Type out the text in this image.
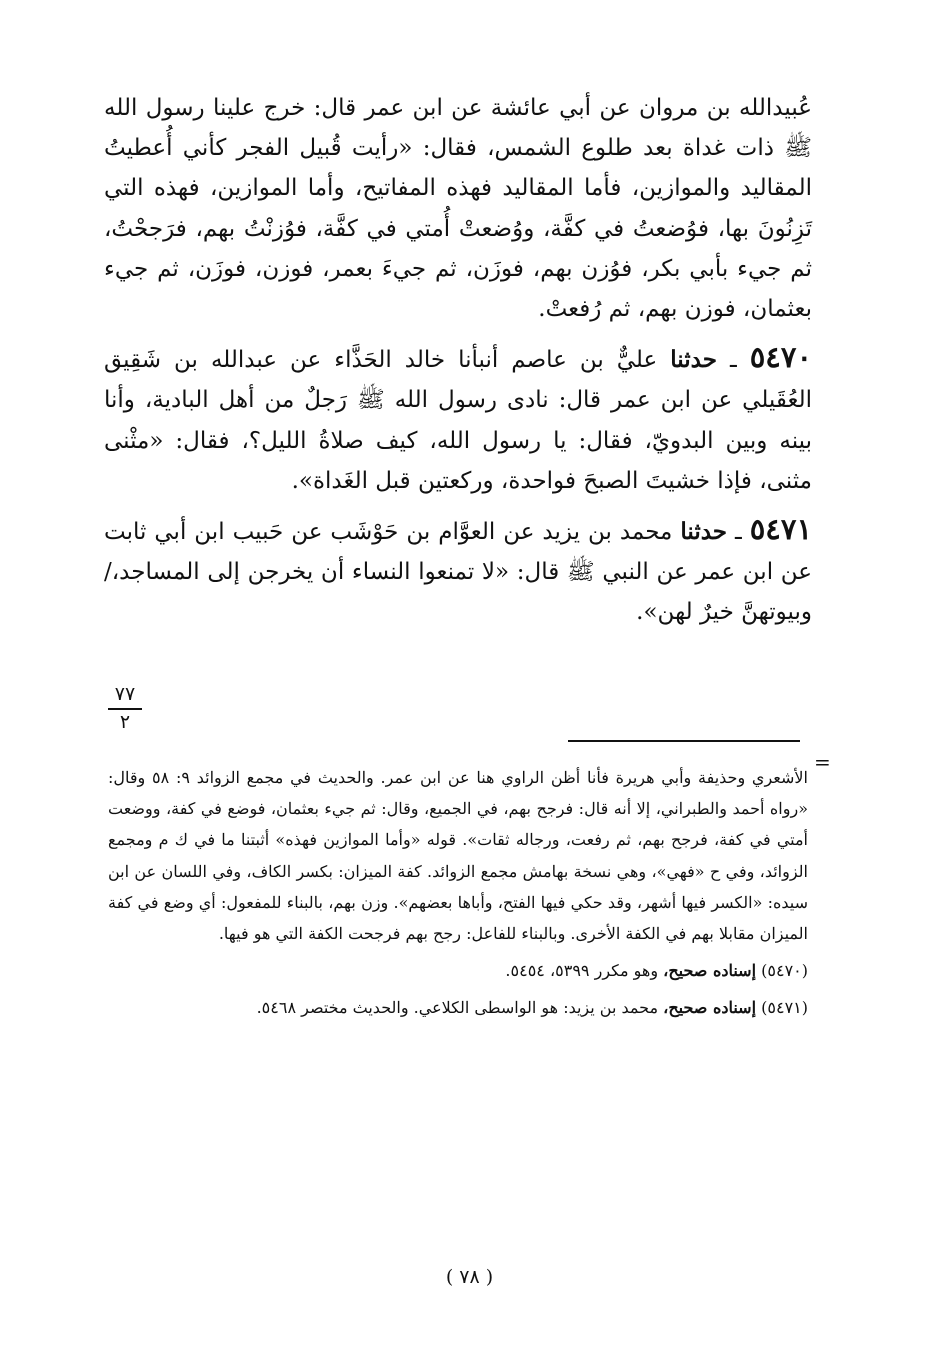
عُبيدالله بن مروان عن أبي عائشة عن ابن عمر قال: خرج علينا رسول الله ﷺ ذات غداة بعد طلوع الشمس، فقال: «رأيت قُبيل الفجر كأني أُعطيتُ المقاليد والموازين، فأما المقاليد فهذه المفاتيح، وأما الموازين، فهذه التي تَزِنُونَ بها، فوُضعتُ في كفَّة، ووُضعتْ أُمتي في كفَّة، فوُزنْتُ بهم، فرَجحْتُ، ثم جيء بأبي بكر، فوُزن بهم، فوزَن، ثم جيءَ بعمر، فوزن، فوزَن، ثم جيء بعثمان، فوزن بهم، ثم رُفعتْ.

٥٤٧٠ ـ حدثنا عليٌّ بن عاصم أنبأنا خالد الحَذَّاء عن عبدالله بن شَقِيق العُقَيلي عن ابن عمر قال: نادى رسول الله ﷺ رَجلٌ من أهل البادية، وأنا بينه وبين البدويّ، فقال: يا رسول الله، كيف صلاةُ الليل؟، فقال: «مثْنى مثنى، فإذا خشيتَ الصبحَ فواحدة، وركعتين قبل الغَداة».

٥٤٧١ ـ حدثنا محمد بن يزيد عن العوَّام بن حَوْشَب عن حَبيب ابن أبي ثابت عن ابن عمر عن النبي ﷺ قال: «لا تمنعوا النساء أن يخرجن إلى المساجد،/ وبيوتهنَّ خيرٌ لهن».

٧٧
٢
=

الأشعري وحذيفة وأبي هريرة فأنا أظن الراوي هنا عن ابن عمر. والحديث في مجمع الزوائد ٩: ٥٨ وقال: «رواه أحمد والطبراني، إلا أنه قال: فرجح بهم، في الجميع، وقال: ثم جيء بعثمان، فوضع في كفة، ووضعت أمتي في كفة، فرجح بهم، ثم رفعت، ورجاله ثقات». قوله «وأما الموازين فهذه» أثبتنا ما في ك م ومجمع الزوائد، وفي ح «فهي»، وهي نسخة بهامش مجمع الزوائد. كفة الميزان: بكسر الكاف، وفي اللسان عن ابن سيده: «الكسر فيها أشهر، وقد حكي فيها الفتح، وأباها بعضهم». وزن بهم، بالبناء للمفعول: أي وضع في كفة الميزان مقابلا بهم في الكفة الأخرى. وبالبناء للفاعل: رجح بهم فرجحت الكفة التي هو فيها.

(٥٤٧٠) إسناده صحيح، وهو مكرر ٥٣٩٩، ٥٤٥٤.

(٥٤٧١) إسناده صحيح، محمد بن يزيد: هو الواسطى الكلاعي. والحديث مختصر ٥٤٦٨.

( ٧٨ )
